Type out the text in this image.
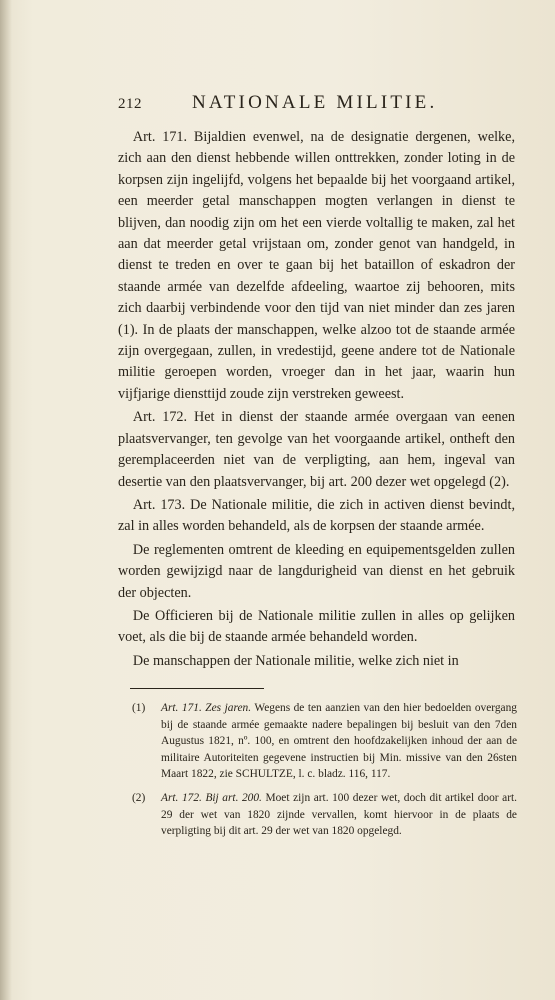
212	NATIONALE MILITIE.

Art. 171. Bijaldien evenwel, na de designatie dergenen, welke, zich aan den dienst hebbende willen onttrekken, zonder loting in de korpsen zijn ingelijfd, volgens het bepaalde bij het voorgaand artikel, een meerder getal manschappen mogten verlangen in dienst te blijven, dan noodig zijn om het een vierde voltallig te maken, zal het aan dat meerder getal vrijstaan om, zonder genot van handgeld, in dienst te treden en over te gaan bij het bataillon of eskadron der staande armée van dezelfde afdeeling, waartoe zij behooren, mits zich daarbij verbindende voor den tijd van niet minder dan zes jaren (1). In de plaats der manschappen, welke alzoo tot de staande armée zijn overgegaan, zullen, in vredestijd, geene andere tot de Nationale militie geroepen worden, vroeger dan in het jaar, waarin hun vijfjarige diensttijd zoude zijn verstreken geweest.

Art. 172. Het in dienst der staande armée overgaan van eenen plaatsvervanger, ten gevolge van het voorgaande artikel, ontheft den geremplaceerden niet van de verpligting, aan hem, ingeval van desertie van den plaatsvervanger, bij art. 200 dezer wet opgelegd (2).

Art. 173. De Nationale militie, die zich in activen dienst bevindt, zal in alles worden behandeld, als de korpsen der staande armée.

De reglementen omtrent de kleeding en equipementsgelden zullen worden gewijzigd naar de langdurigheid van dienst en het gebruik der objecten.

De Officieren bij de Nationale militie zullen in alles op gelijken voet, als die bij de staande armée behandeld worden.

De manschappen der Nationale militie, welke zich niet in

(1) Art. 171. Zes jaren. Wegens de ten aanzien van den hier bedoelden overgang bij de staande armée gemaakte nadere bepalingen bij besluit van den 7den Augustus 1821, nº. 100, en omtrent den hoofdzakelijken inhoud der aan de militaire Autoriteiten gegevene instructien bij Min. missive van den 26sten Maart 1822, zie SCHULTZE, l. c. bladz. 116, 117.
(2) Art. 172. Bij art. 200. Moet zijn art. 100 dezer wet, doch dit artikel door art. 29 der wet van 1820 zijnde vervallen, komt hiervoor in de plaats de verpligting bij dit art. 29 der wet van 1820 opgelegd.
